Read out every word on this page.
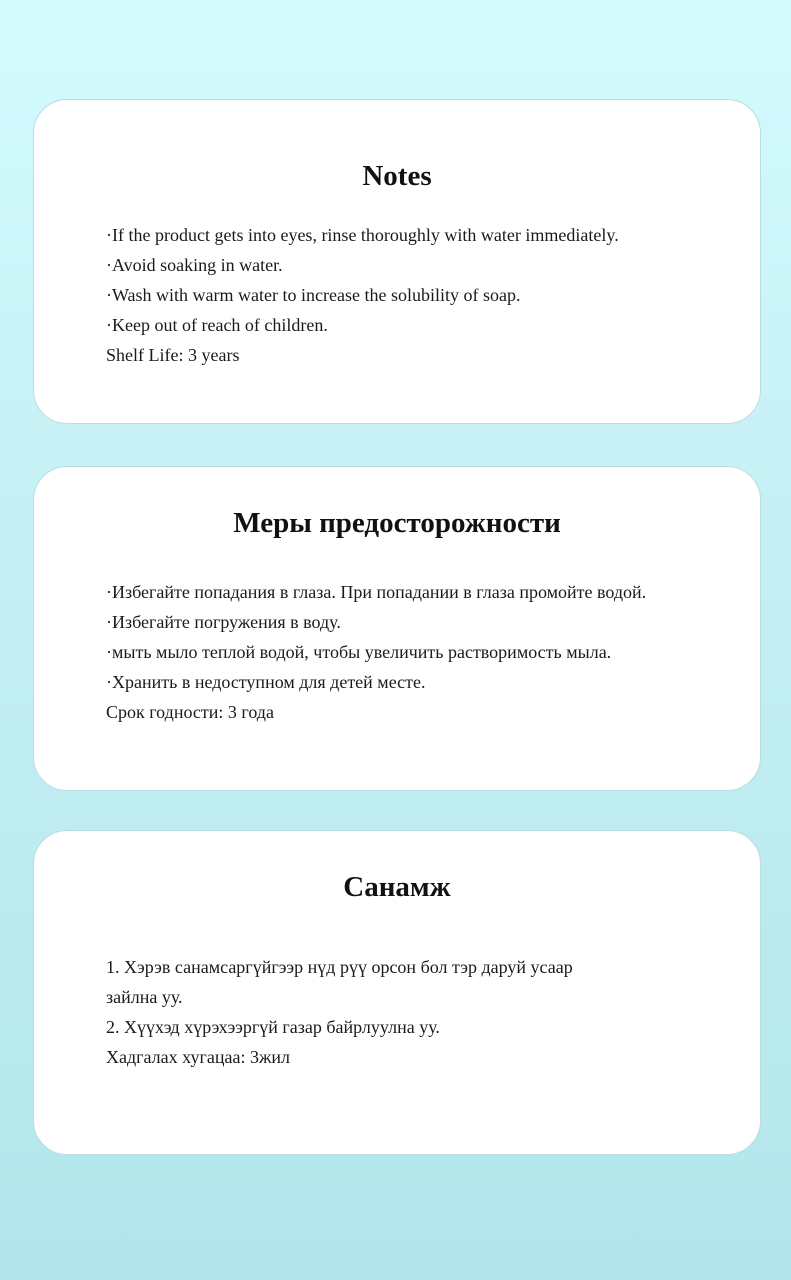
Notes
·If the product gets into eyes, rinse thoroughly with water immediately.
·Avoid soaking in water.
·Wash with warm water to increase the solubility of soap.
·Keep out of reach of children.
Shelf Life: 3 years
Меры предосторожности
·Избегайте попадания в глаза. При попадании в глаза промойте водой.
·Избегайте погружения в воду.
·мыть мыло теплой водой, чтобы увеличить растворимость мыла.
·Хранить в недоступном для детей месте.
Срок годности: 3 года
Санамж
1. Хэрэв санамсаргүйгээр нүд рүү орсон бол тэр даруй усаар
зайлна уу.
2. Хүүхэд хүрэхээргүй газар байрлуулна уу.
Хадгалах хугацаа: 3жил
